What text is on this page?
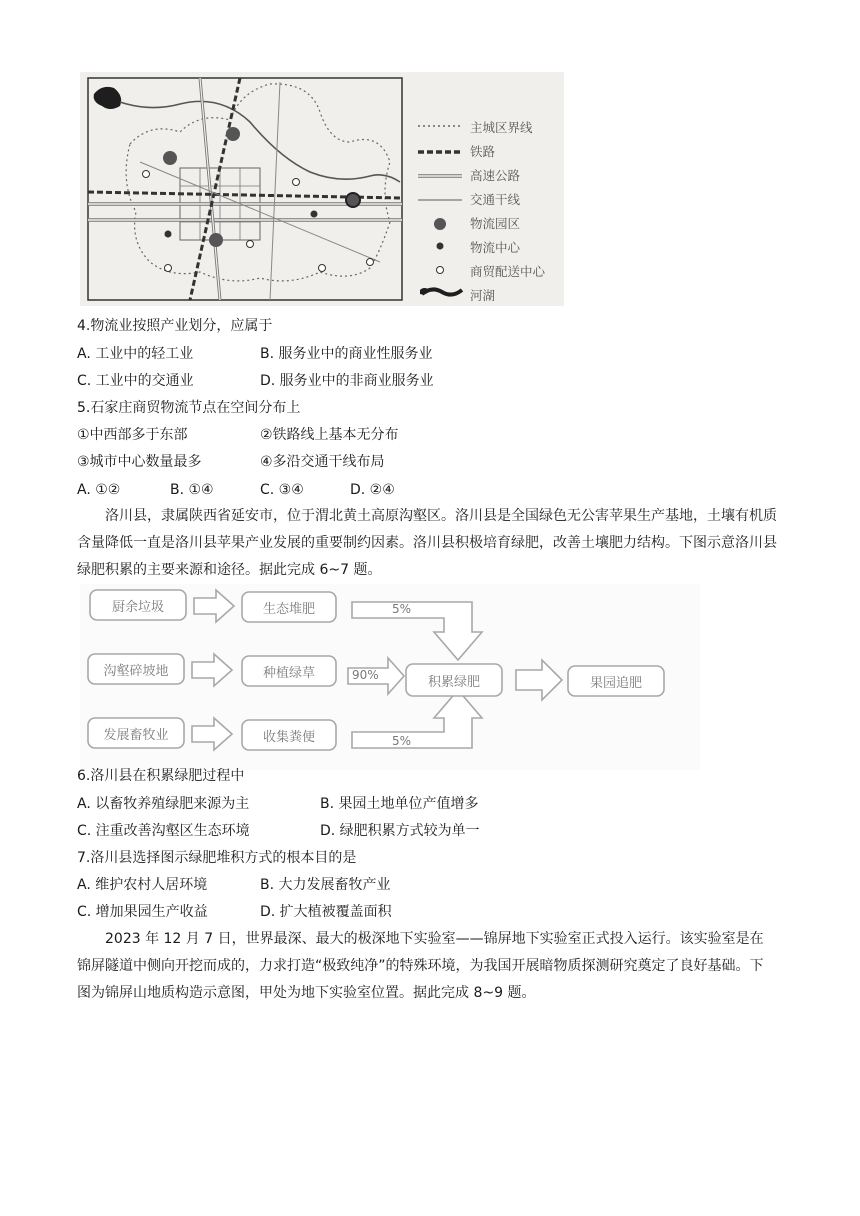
主城区界线
铁路
高速公路
交通干线
物流园区
物流中心
商贸配送中心
河湖
4.物流业按照产业划分，应属于
A. 工业中的轻工业	B. 服务业中的商业性服务业
C. 工业中的交通业	D. 服务业中的非商业服务业
5.石家庄商贸物流节点在空间分布上
①中西部多于东部	②铁路线上基本无分布
③城市中心数量最多	④多沿交通干线布局
A. ①②	B. ①④	C. ③④	D. ②④
洛川县，隶属陕西省延安市，位于渭北黄土高原沟壑区。洛川县是全国绿色无公害苹果生产基地，土壤有机质含量降低一直是洛川县苹果产业发展的重要制约因素。洛川县积极培育绿肥，改善土壤肥力结构。下图示意洛川县绿肥积累的主要来源和途径。据此完成 6~7 题。
厨余垃圾
沟壑碎坡地
发展畜牧业
生态堆肥
种植绿草
收集粪便
5%
90%
5%
积累绿肥	果园追肥
6.洛川县在积累绿肥过程中
A. 以畜牧养殖绿肥来源为主	B. 果园土地单位产值增多
C. 注重改善沟壑区生态环境	D. 绿肥积累方式较为单一
7.洛川县选择图示绿肥堆积方式的根本目的是
A. 维护农村人居环境	B. 大力发展畜牧产业
C. 增加果园生产收益	D. 扩大植被覆盖面积
2023 年 12 月 7 日，世界最深、最大的极深地下实验室——锦屏地下实验室正式投入运行。该实验室是在锦屏隧道中侧向开挖而成的，力求打造“极致纯净”的特殊环境，为我国开展暗物质探测研究奠定了良好基础。下图为锦屏山地质构造示意图，甲处为地下实验室位置。据此完成 8~9 题。
